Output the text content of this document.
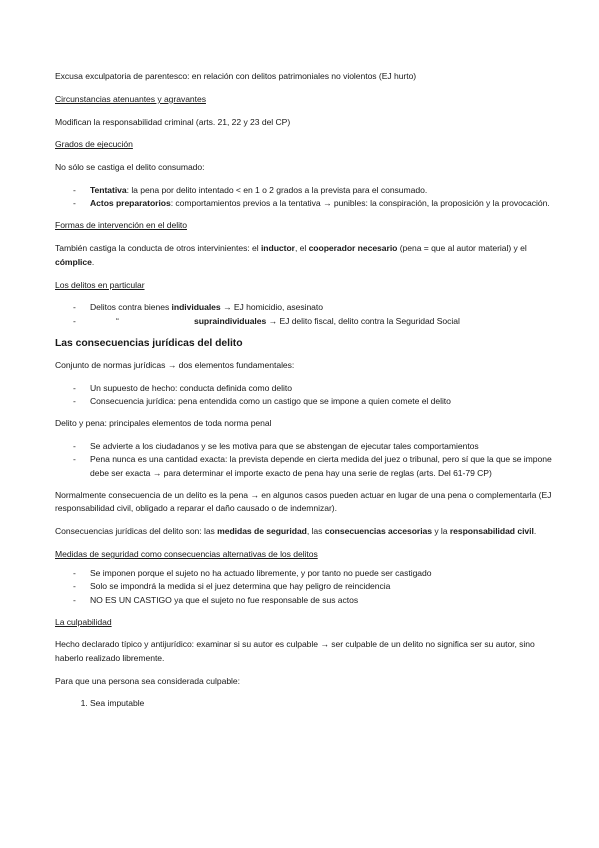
Excusa exculpatoria de parentesco: en relación con delitos patrimoniales no violentos (EJ hurto)

Circunstancias atenuantes y agravantes

Modifican la responsabilidad criminal (arts. 21, 22 y 23 del CP)

Grados de ejecución

No sólo se castiga el delito consumado:

- Tentativa: la pena por delito intentado < en 1 o 2 grados a la prevista para el consumado.
- Actos preparatorios: comportamientos previos a la tentativa → punibles: la conspiración, la proposición y la provocación.

Formas de intervención en el delito

También castiga la conducta de otros intervinientes: el inductor, el cooperador necesario (pena = que al autor material) y el cómplice.

Los delitos en particular

- Delitos contra bienes individuales → EJ homicidio, asesinato
- “	supraindividuales → EJ delito fiscal, delito contra la Seguridad Social

Las consecuencias jurídicas del delito

Conjunto de normas jurídicas → dos elementos fundamentales:

- Un supuesto de hecho: conducta definida como delito
- Consecuencia jurídica: pena entendida como un castigo que se impone a quien comete el delito

Delito y pena: principales elementos de toda norma penal

- Se advierte a los ciudadanos y se les motiva para que se abstengan de ejecutar tales comportamientos
- Pena nunca es una cantidad exacta: la prevista depende en cierta medida del juez o tribunal, pero sí que la que se impone debe ser exacta → para determinar el importe exacto de pena hay una serie de reglas (arts. Del 61-79 CP)

Normalmente consecuencia de un delito es la pena → en algunos casos pueden actuar en lugar de una pena o complementarla (EJ responsabilidad civil, obligado a reparar el daño causado o de indemnizar).

Consecuencias jurídicas del delito son: las medidas de seguridad, las consecuencias accesorias y la responsabilidad civil.

Medidas de seguridad como consecuencias alternativas de los delitos

- Se imponen porque el sujeto no ha actuado libremente, y por tanto no puede ser castigado
- Solo se impondrá la medida si el juez determina que hay peligro de reincidencia
- NO ES UN CASTIGO ya que el sujeto no fue responsable de sus actos

La culpabilidad

Hecho declarado típico y antijurídico: examinar si su autor es culpable → ser culpable de un delito no significa ser su autor, sino haberlo realizado libremente.

Para que una persona sea considerada culpable:

1. Sea imputable
